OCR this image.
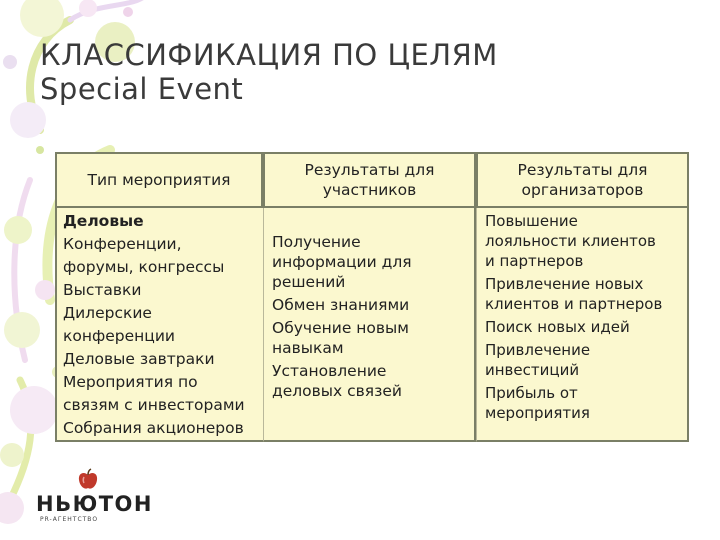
КЛАССИФИКАЦИЯ ПО ЦЕЛЯМ
Special Event
Тип мероприятия
Результаты для участников
Результаты для организаторов
Деловые
Конференции,
форумы, конгрессы
Выставки
Дилерские
конференции
Деловые завтраки
Мероприятия по
связям с инвесторами
Собрания акционеров
Получение
информации для
решений
Обмен знаниями
Обучение новым
навыкам
Установление
деловых связей
Повышение
лояльности клиентов
и партнеров
Привлечение новых
клиентов и партнеров
Поиск новых идей
Привлечение
инвестиций
Прибыль от
мероприятия
НЬЮТОН
PR-АГЕНТСТВО
